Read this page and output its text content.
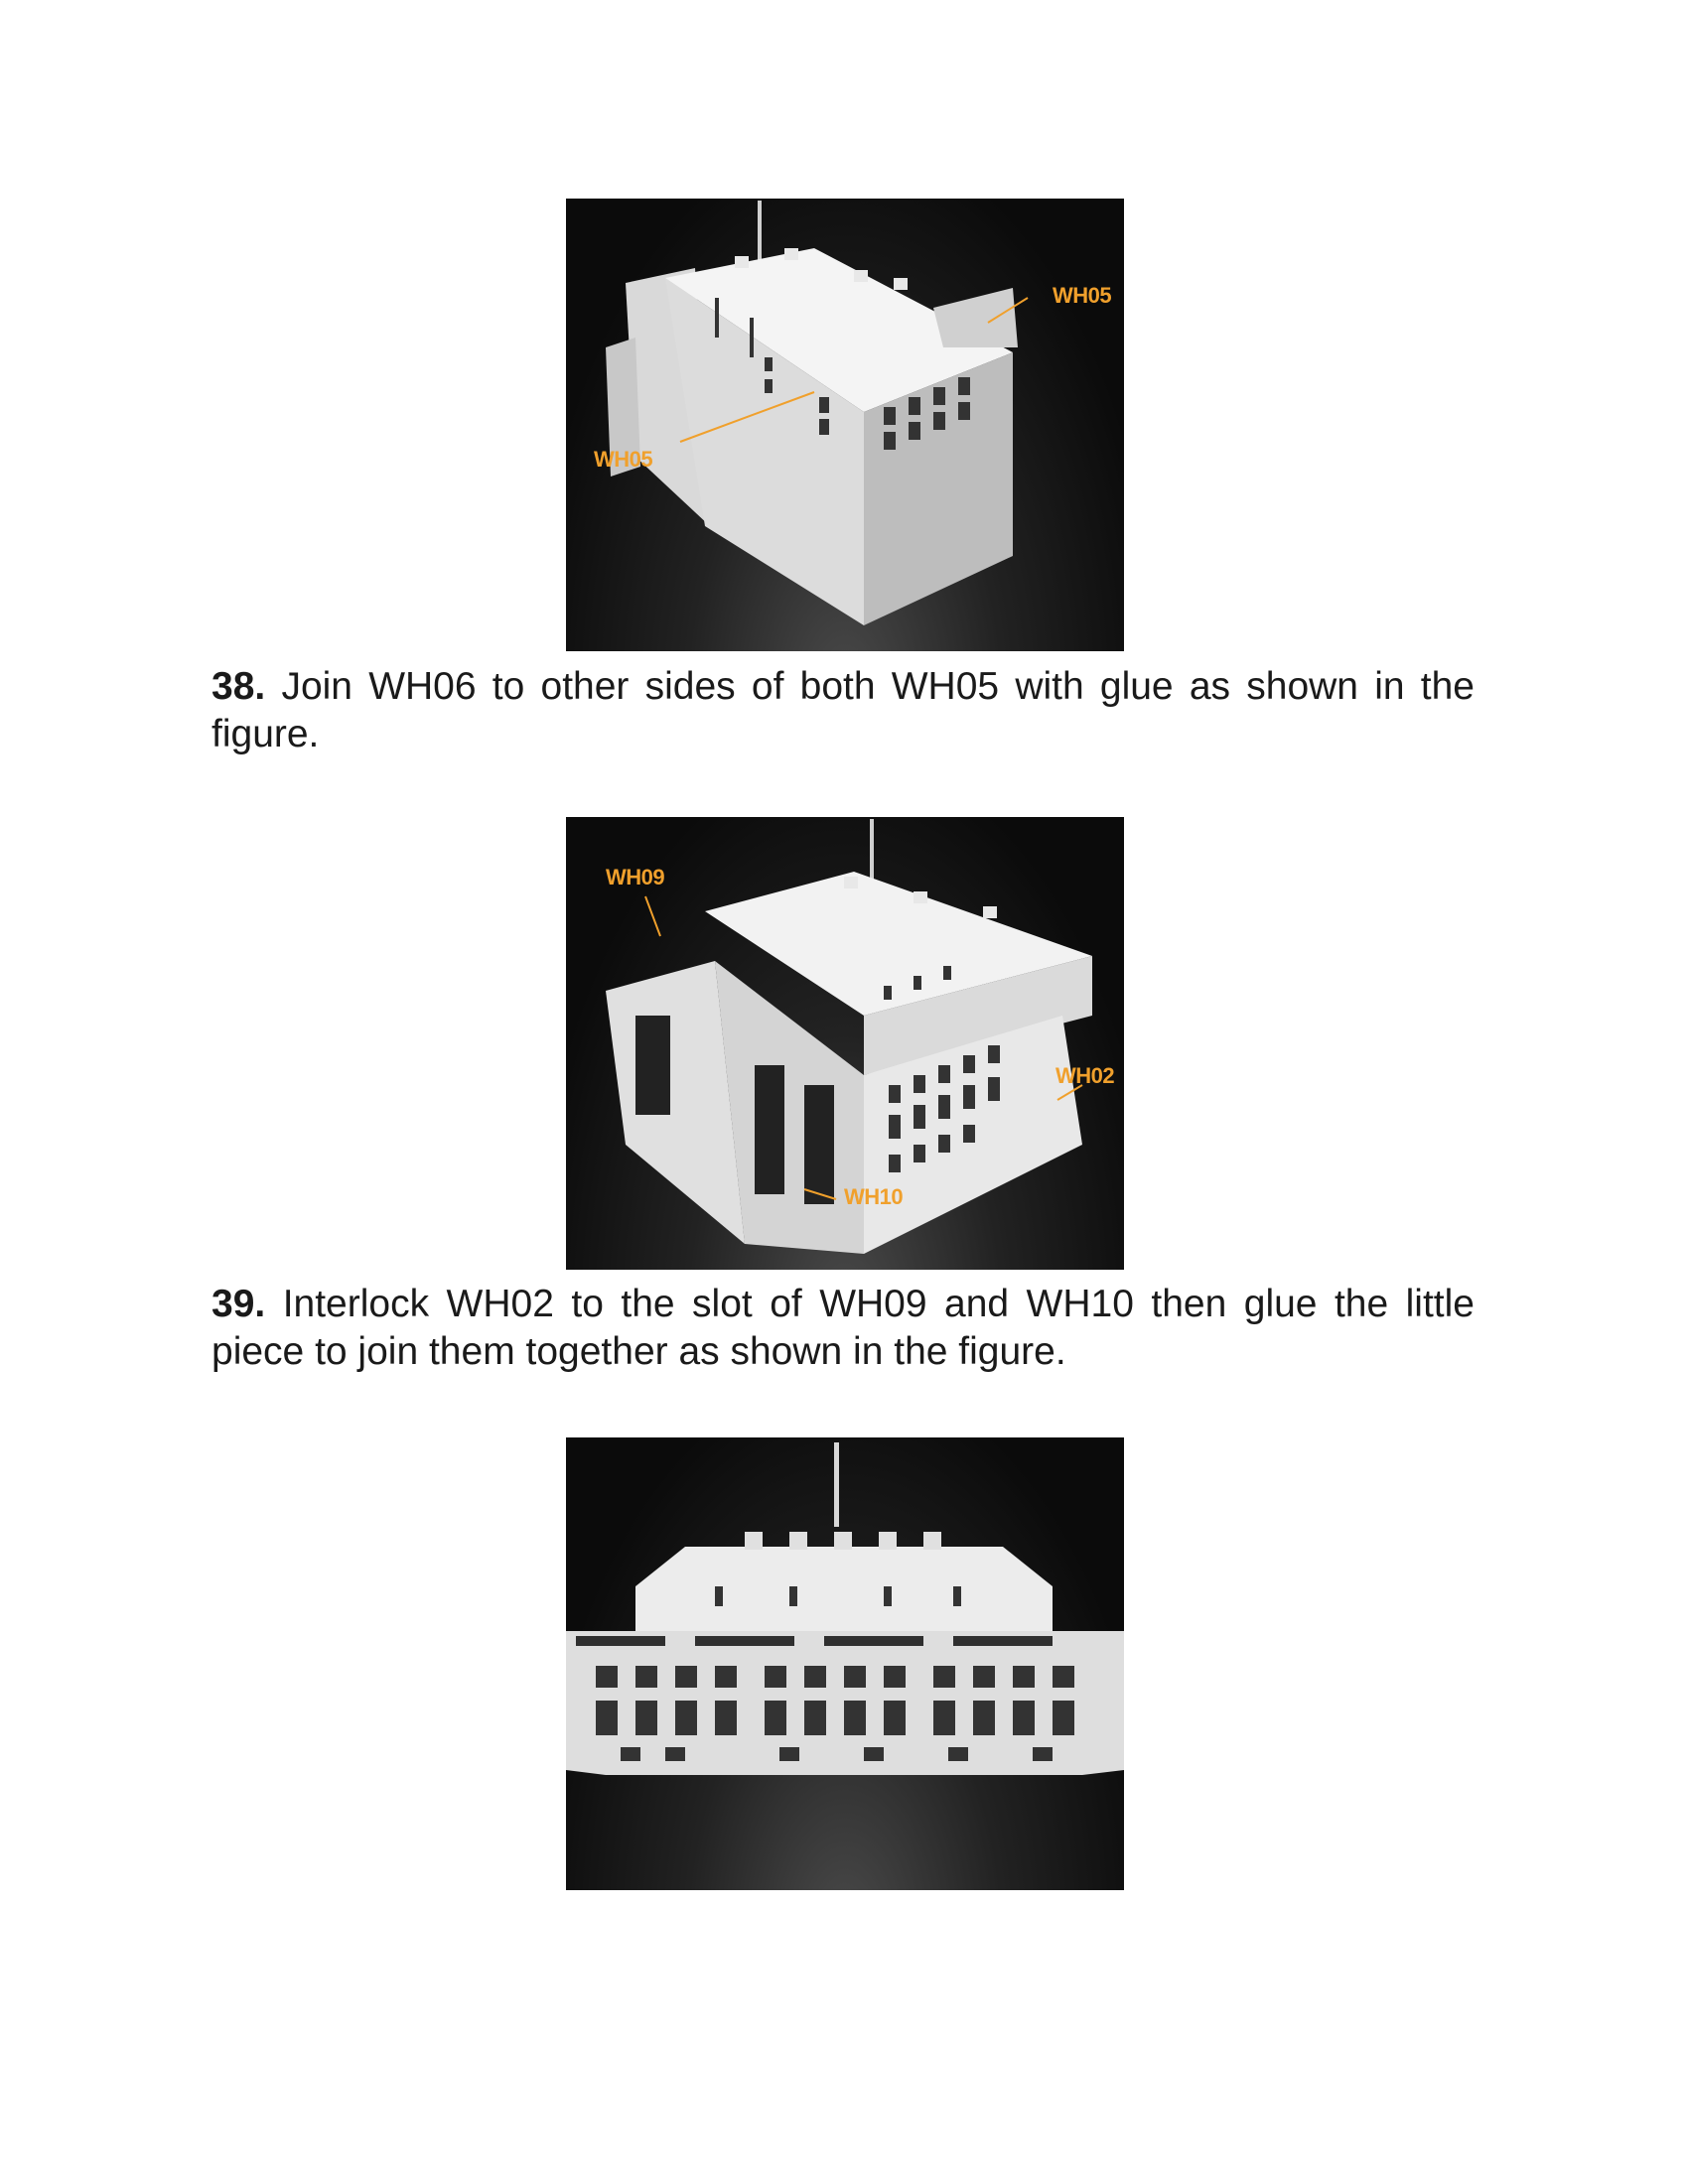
WH05
WH05
38. Join WH06 to other sides of both WH05 with glue as shown in the figure.
WH09
WH02
WH10
39. Interlock WH02 to the slot of WH09 and WH10 then glue the little piece to join them together as shown in the figure.
